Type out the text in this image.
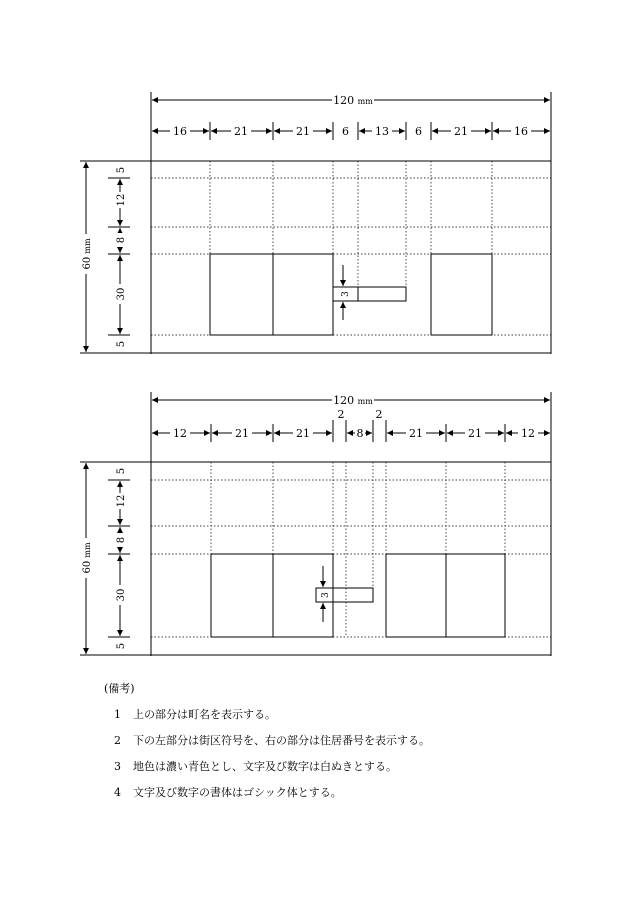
120 mm
16	21	21	6 13 6	21	16
60 mm
5
12
8
30
5
3
120 mm
2	2
12	21	21	8	21	21	12
60 mm
5
12
8
30
5
3
(備考)
1	上の部分は町名を表示する。
2	下の左部分は街区符号を、右の部分は住居番号を表示する。
3	地色は濃い青色とし、文字及び数字は白ぬきとする。
4	文字及び数字の書体はゴシック体とする。
